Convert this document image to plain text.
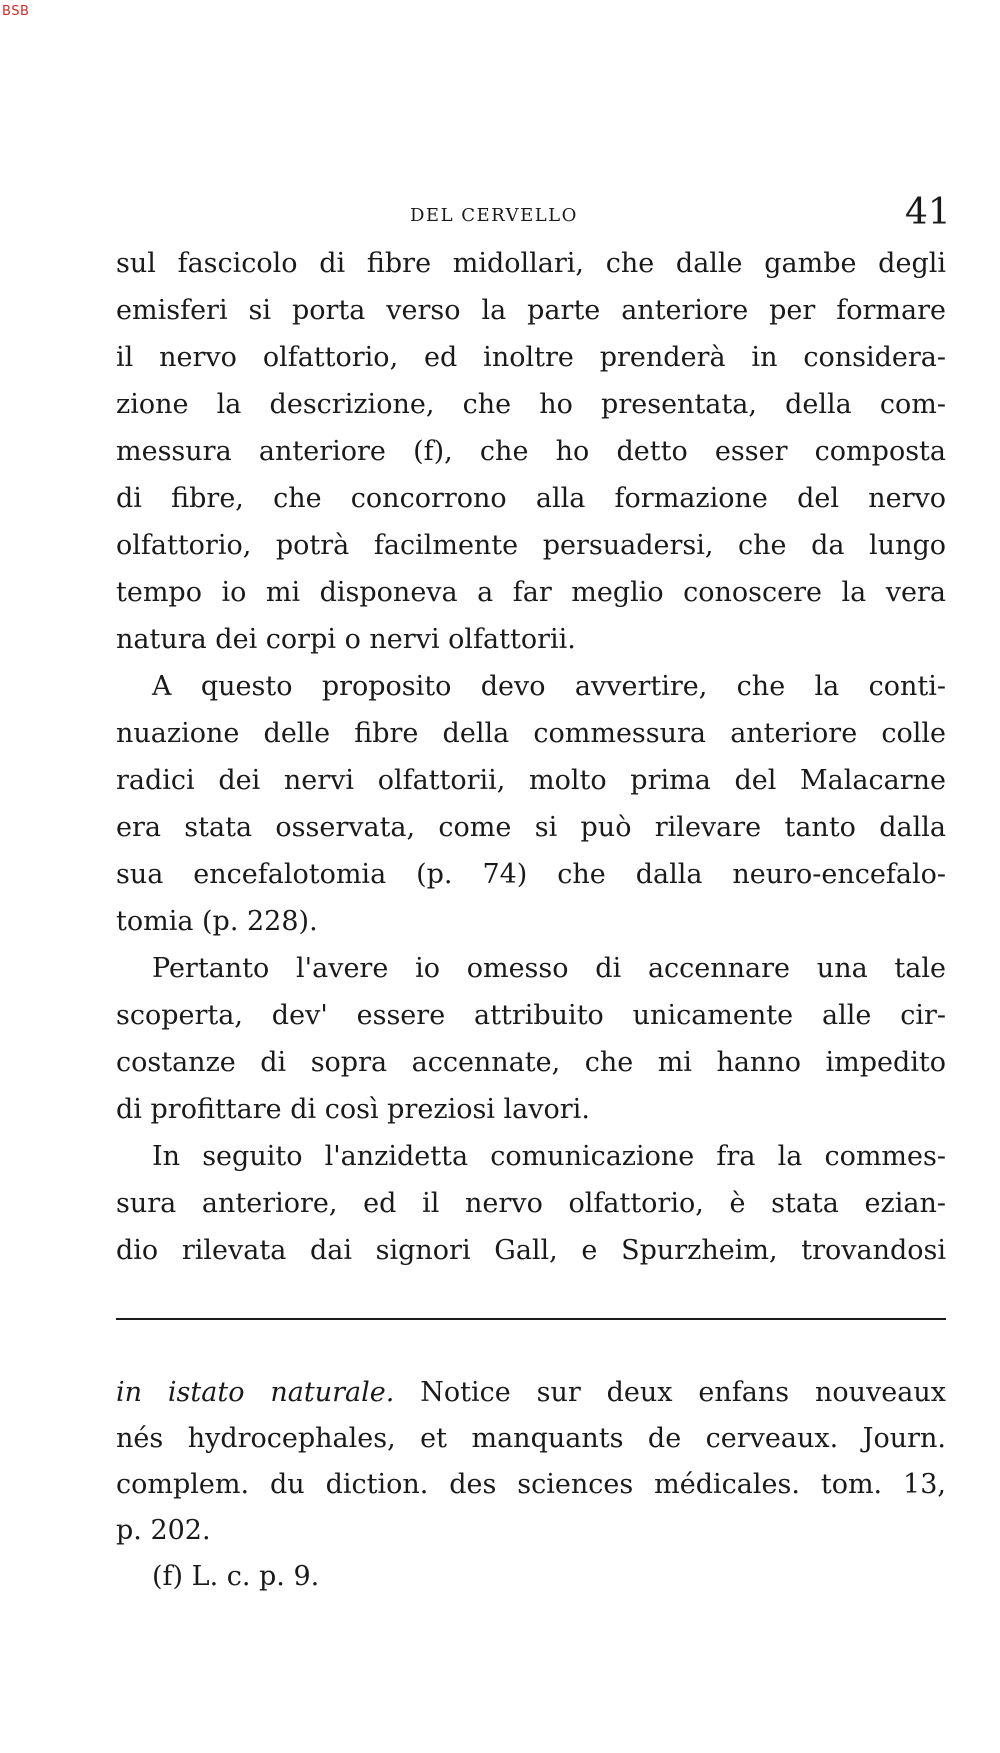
BSB
DEL CERVELLO	41
sul fascicolo di fibre midollari, che dalle gambe degli
emisferi si porta verso la parte anteriore per formare
il nervo olfattorio, ed inoltre prenderà in considera-
zione la descrizione, che ho presentata, della com-
messura anteriore (f), che ho detto esser composta
di fibre, che concorrono alla formazione del nervo
olfattorio, potrà facilmente persuadersi, che da lungo
tempo io mi disponeva a far meglio conoscere la vera
natura dei corpi o nervi olfattorii.
A questo proposito devo avvertire, che la conti-
nuazione delle fibre della commessura anteriore colle
radici dei nervi olfattorii, molto prima del Malacarne
era stata osservata, come si può rilevare tanto dalla
sua encefalotomia (p. 74) che dalla neuro-encefalo-
tomia (p. 228).
Pertanto l'avere io omesso di accennare una tale
scoperta, dev' essere attribuito unicamente alle cir-
costanze di sopra accennate, che mi hanno impedito
di profittare di così preziosi lavori.
In seguito l'anzidetta comunicazione fra la commes-
sura anteriore, ed il nervo olfattorio, è stata ezian-
dio rilevata dai signori Gall, e Spurzheim, trovandosi
in istato naturale. Notice sur deux enfans nouveaux
nés hydrocephales, et manquants de cerveaux. Journ.
complem. du diction. des sciences médicales. tom. 13,
p. 202.
(f) L. c. p. 9.
